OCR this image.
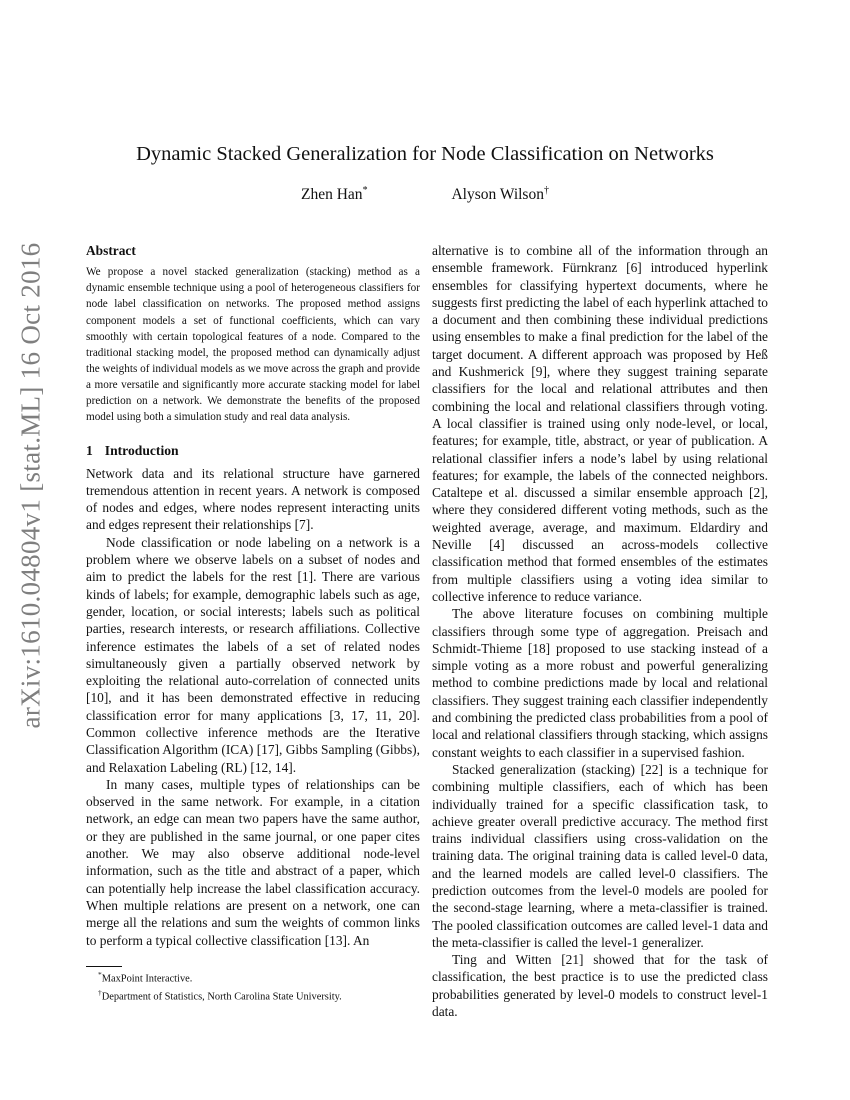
arXiv:1610.04804v1 [stat.ML] 16 Oct 2016
Dynamic Stacked Generalization for Node Classification on Networks
Zhen Han*	Alyson Wilson†
Abstract

We propose a novel stacked generalization (stacking) method as a dynamic ensemble technique using a pool of heterogeneous classifiers for node label classification on networks. The proposed method assigns component models a set of functional coefficients, which can vary smoothly with certain topological features of a node. Compared to the traditional stacking model, the proposed method can dynamically adjust the weights of individual models as we move across the graph and provide a more versatile and significantly more accurate stacking model for label prediction on a network. We demonstrate the benefits of the proposed model using both a simulation study and real data analysis.

1 Introduction

Network data and its relational structure have garnered tremendous attention in recent years. A network is composed of nodes and edges, where nodes represent interacting units and edges represent their relationships [7].

Node classification or node labeling on a network is a problem where we observe labels on a subset of nodes and aim to predict the labels for the rest [1]. There are various kinds of labels; for example, demographic labels such as age, gender, location, or social interests; labels such as political parties, research interests, or research affiliations. Collective inference estimates the labels of a set of related nodes simultaneously given a partially observed network by exploiting the relational auto-correlation of connected units [10], and it has been demonstrated effective in reducing classification error for many applications [3, 17, 11, 20]. Common collective inference methods are the Iterative Classification Algorithm (ICA) [17], Gibbs Sampling (Gibbs), and Relaxation Labeling (RL) [12, 14].

In many cases, multiple types of relationships can be observed in the same network. For example, in a citation network, an edge can mean two papers have the same author, or they are published in the same journal, or one paper cites another. We may also observe additional node-level information, such as the title and abstract of a paper, which can potentially help increase the label classification accuracy. When multiple relations are present on a network, one can merge all the relations and sum the weights of common links to perform a typical collective classification [13]. An

*MaxPoint Interactive.
†Department of Statistics, North Carolina State University.

alternative is to combine all of the information through an ensemble framework. Fürnkranz [6] introduced hyperlink ensembles for classifying hypertext documents, where he suggests first predicting the label of each hyperlink attached to a document and then combining these individual predictions using ensembles to make a final prediction for the label of the target document. A different approach was proposed by Heß and Kushmerick [9], where they suggest training separate classifiers for the local and relational attributes and then combining the local and relational classifiers through voting. A local classifier is trained using only node-level, or local, features; for example, title, abstract, or year of publication. A relational classifier infers a node’s label by using relational features; for example, the labels of the connected neighbors. Cataltepe et al. discussed a similar ensemble approach [2], where they considered different voting methods, such as the weighted average, average, and maximum. Eldardiry and Neville [4] discussed an across-models collective classification method that formed ensembles of the estimates from multiple classifiers using a voting idea similar to collective inference to reduce variance.

The above literature focuses on combining multiple classifiers through some type of aggregation. Preisach and Schmidt-Thieme [18] proposed to use stacking instead of a simple voting as a more robust and powerful generalizing method to combine predictions made by local and relational classifiers. They suggest training each classifier independently and combining the predicted class probabilities from a pool of local and relational classifiers through stacking, which assigns constant weights to each classifier in a supervised fashion.

Stacked generalization (stacking) [22] is a technique for combining multiple classifiers, each of which has been individually trained for a specific classification task, to achieve greater overall predictive accuracy. The method first trains individual classifiers using cross-validation on the training data. The original training data is called level-0 data, and the learned models are called level-0 classifiers. The prediction outcomes from the level-0 models are pooled for the second-stage learning, where a meta-classifier is trained. The pooled classification outcomes are called level-1 data and the meta-classifier is called the level-1 generalizer.

Ting and Witten [21] showed that for the task of classification, the best practice is to use the predicted class probabilities generated by level-0 models to construct level-1 data.
